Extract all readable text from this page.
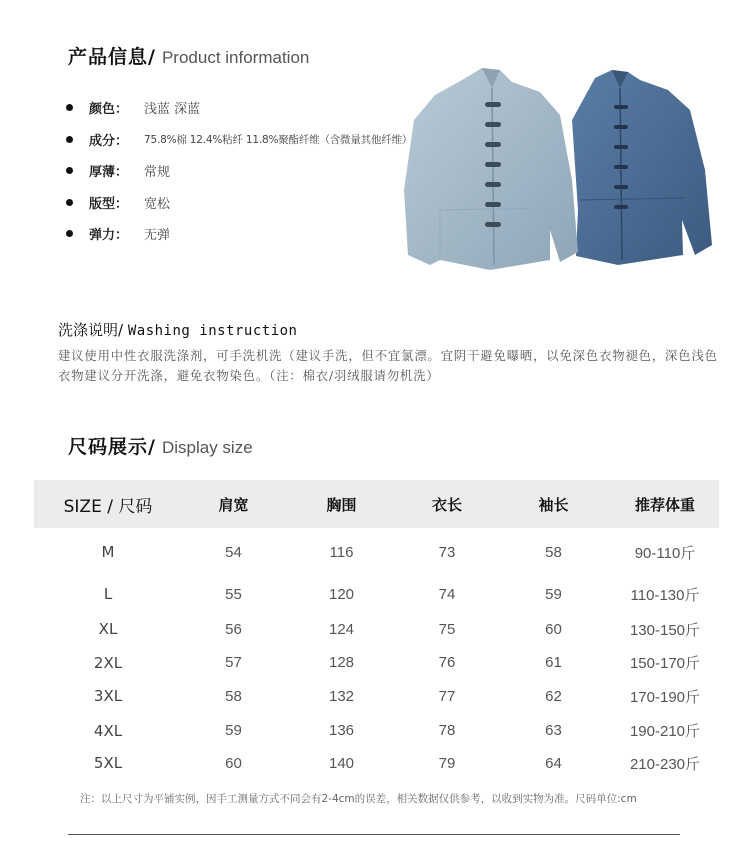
产品信息/ Product information
颜色：	浅蓝 深蓝
成分：	75.8%棉 12.4%粘纤 11.8%聚酯纤维（含微量其他纤维）
厚薄：	常规
版型：	宽松
弹力：	无弹
洗涤说明/ Washing instruction
建议使用中性衣服洗涤剂，可手洗机洗（建议手洗，但不宜氯漂。宜阴干避免曝晒，以免深色衣物褪色，深色浅色衣物建议分开洗涤，避免衣物染色。（注：棉衣/羽绒服请勿机洗）
尺码展示/ Display size
SIZE / 尺码	肩宽	胸围	衣长	袖长	推荐体重
M	54	116	73	58	90-110斤
L	55	120	74	59	110-130斤
XL	56	124	75	60	130-150斤
2XL	57	128	76	61	150-170斤
3XL	58	132	77	62	170-190斤
4XL	59	136	78	63	190-210斤
5XL	60	140	79	64	210-230斤
注：以上尺寸为平铺实例，因手工测量方式不同会有2-4cm的误差，相关数据仅供参考，以收到实物为准。尺码单位:cm
